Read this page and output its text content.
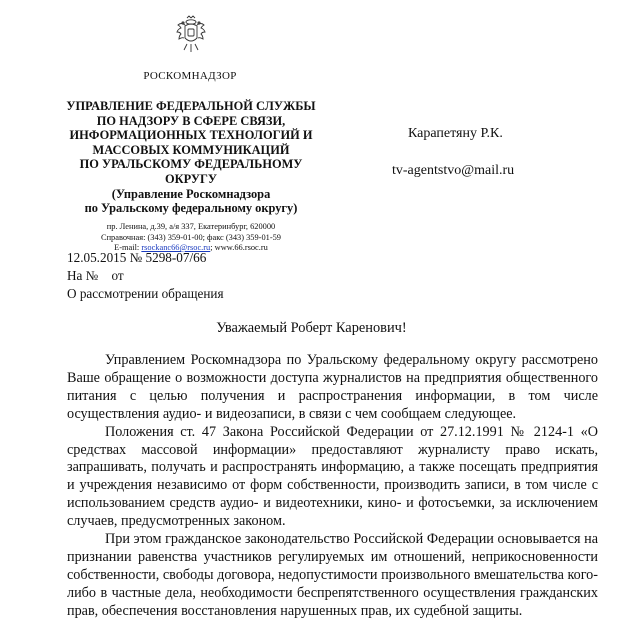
РОСКОМНАДЗОР
УПРАВЛЕНИЕ ФЕДЕРАЛЬНОЙ СЛУЖБЫ
ПО НАДЗОРУ В СФЕРЕ СВЯЗИ,
ИНФОРМАЦИОННЫХ ТЕХНОЛОГИЙ И
МАССОВЫХ КОММУНИКАЦИЙ
ПО УРАЛЬСКОМУ ФЕДЕРАЛЬНОМУ
ОКРУГУ
(Управление Роскомнадзора
по Уральскому федеральному округу)
пр. Ленина, д.39, а/я 337, Екатеринбург, 620000
Справочная: (343) 359-01-00; факс (343) 359-01-59
E-mail: rsockanc66@rsoc.ru; www.66.rsoc.ru
Карапетяну Р.К.
tv-agentstvo@mail.ru
12.05.2015 № 5298-07/66
На №    от
О рассмотрении обращения
Уважаемый Роберт Каренович!

Управлением Роскомнадзора по Уральскому федеральному округу рассмотрено Ваше обращение о возможности доступа журналистов на предприятия общественного питания с целью получения и распространения информации, в том числе осуществления аудио- и видеозаписи, в связи с чем сообщаем следующее.

Положения ст. 47 Закона Российской Федерации от 27.12.1991 № 2124-1 «О средствах массовой информации» предоставляют журналисту право искать, запрашивать, получать и распространять информацию, а также посещать предприятия и учреждения независимо от форм собственности, производить записи, в том числе с использованием средств аудио- и видеотехники, кино- и фотосъемки, за исключением случаев, предусмотренных законом.

При этом гражданское законодательство Российской Федерации основывается на признании равенства участников регулируемых им отношений, неприкосновенности собственности, свободы договора, недопустимости произвольного вмешательства кого-либо в частные дела, необходимости беспрепятственного осуществления гражданских прав, обеспечения восстановления нарушенных прав, их судебной защиты.
